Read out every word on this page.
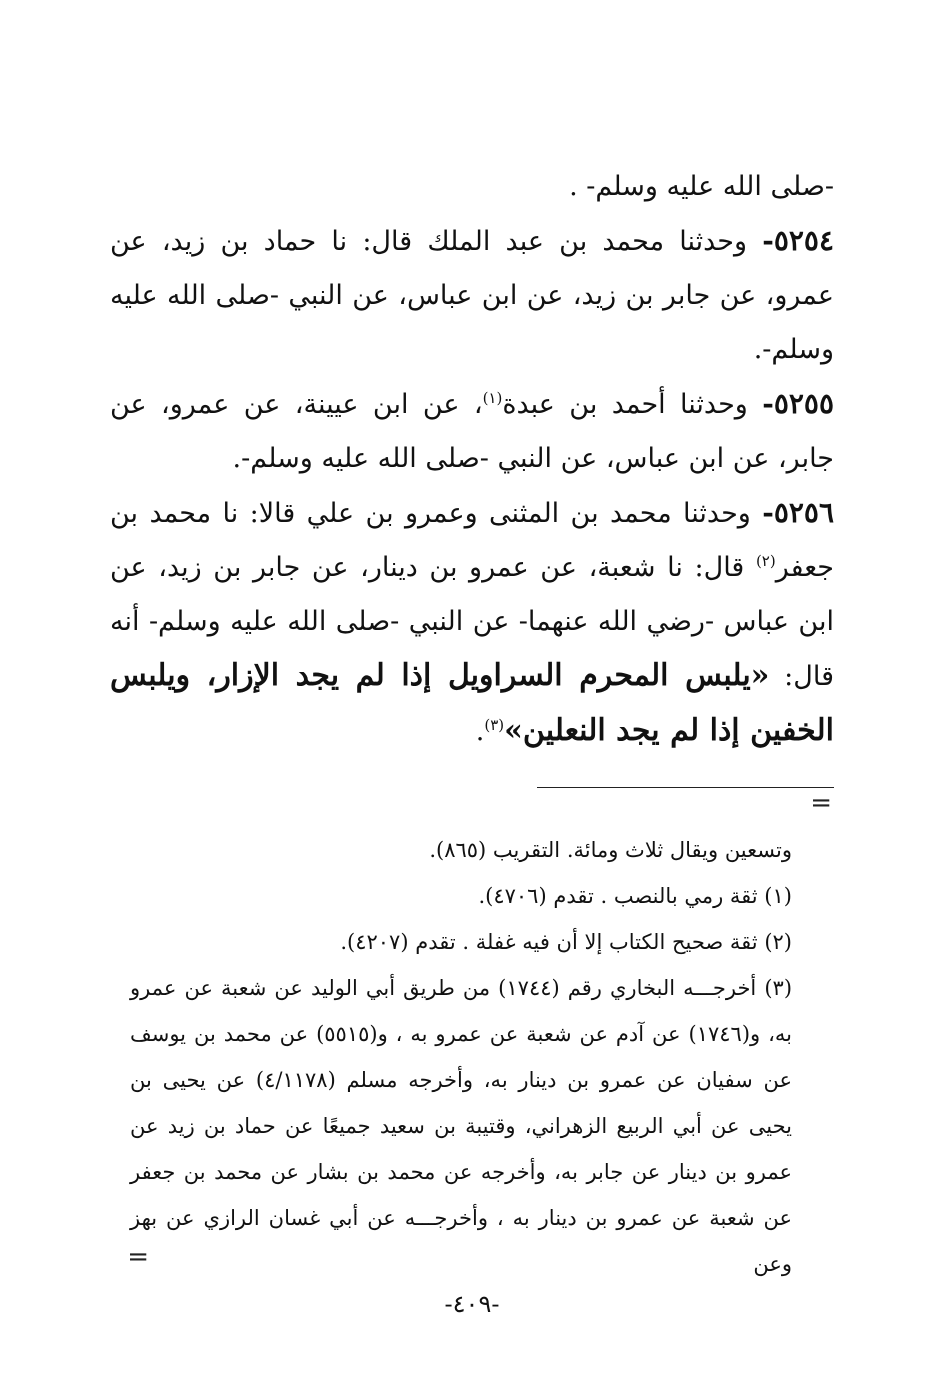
-صلى الله عليه وسلم- .

٥٢٥٤- وحدثنا محمد بن عبد الملك قال: نا حماد بن زيد، عن عمرو، عن جابر بن زيد، عن ابن عباس، عن النبي -صلى الله عليه وسلم-.

٥٢٥٥- وحدثنا أحمد بن عبدة$^{(١)}$، عن ابن عيينة، عن عمرو، عن جابر، عن ابن عباس، عن النبي -صلى الله عليه وسلم-.

٥٢٥٦- وحدثنا محمد بن المثنى وعمرو بن علي قالا: نا محمد بن جعفر$^{(٢)}$ قال: نا شعبة، عن عمرو بن دينار، عن جابر بن زيد، عن ابن عباس -رضي الله عنهما- عن النبي -صلى الله عليه وسلم- أنه قال: «يلبس المحرم السراويل إذا لم يجد الإزار، ويلبس الخفين إذا لم يجد النعلين»$^{(٣)}$.

=

وتسعين ويقال ثلاث ومائة. التقريب (٨٦٥).

(١) ثقة رمي بالنصب . تقدم (٤٧٠٦).

(٢) ثقة صحيح الكتاب إلا أن فيه غفلة . تقدم (٤٢٠٧).

(٣) أخرجـــه البخاري رقم (١٧٤٤) من طريق أبي الوليد عن شعبة عن عمرو به، و(١٧٤٦) عن آدم عن شعبة عن عمرو به ، و(٥٥١٥) عن محمد بن يوسف عن سفيان عن عمرو بن دينار به، وأخرجه مسلم (٤/١١٧٨) عن يحيى بن يحيى عن أبي الربيع الزهراني، وقتيبة بن سعيد جميعًا عن حماد بن زيد عن عمرو بن دينار عن جابر به، وأخرجه عن محمد بن بشار عن محمد بن جعفر عن شعبة عن عمرو بن دينار به ، وأخرجـــه عن أبي غسان الرازي عن بهز وعن

=
-٤٠٩-
